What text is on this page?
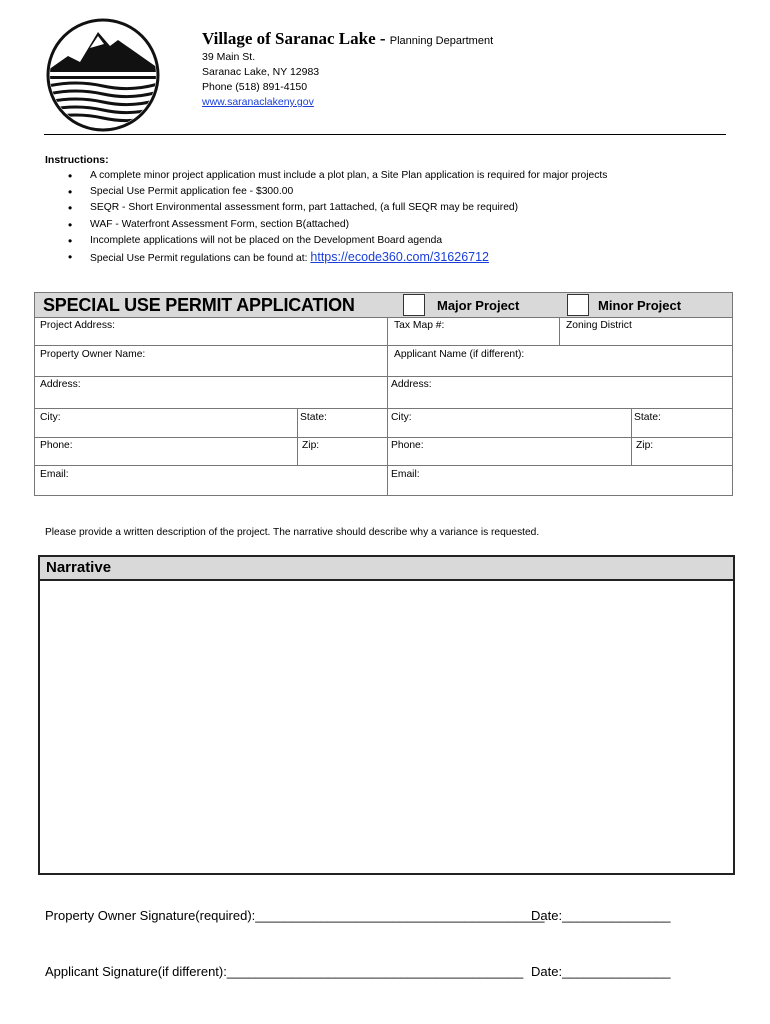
Village of Saranac Lake - Planning Department
39 Main St.
Saranac Lake, NY 12983
Phone (518) 891-4150
www.saranaclakeny.gov
Instructions:
• A complete minor project application must include a plot plan, a Site Plan application is required for major projects
• Special Use Permit application fee - $300.00
• SEQR - Short Environmental assessment form, part 1attached, (a full SEQR may be required)
• WAF - Waterfront Assessment Form, section B(attached)
• Incomplete applications will not be placed on the Development Board agenda
• Special Use Permit regulations can be found at: https://ecode360.com/31626712
SPECIAL USE PERMIT APPLICATION	Major Project	Minor Project
Project Address:	Tax Map #:	Zoning District
Property Owner Name:	Applicant Name (if different):
Address:	Address:
City:	State:	City:	State:
Phone:	Zip:	Phone:	Zip:
Email:	Email:
Please provide a written description of the project. The narrative should describe why a variance is requested.
Narrative
Property Owner Signature(required):________________________________________
Date:_______________
Applicant Signature(if different):_________________________________________ Date:_______________
